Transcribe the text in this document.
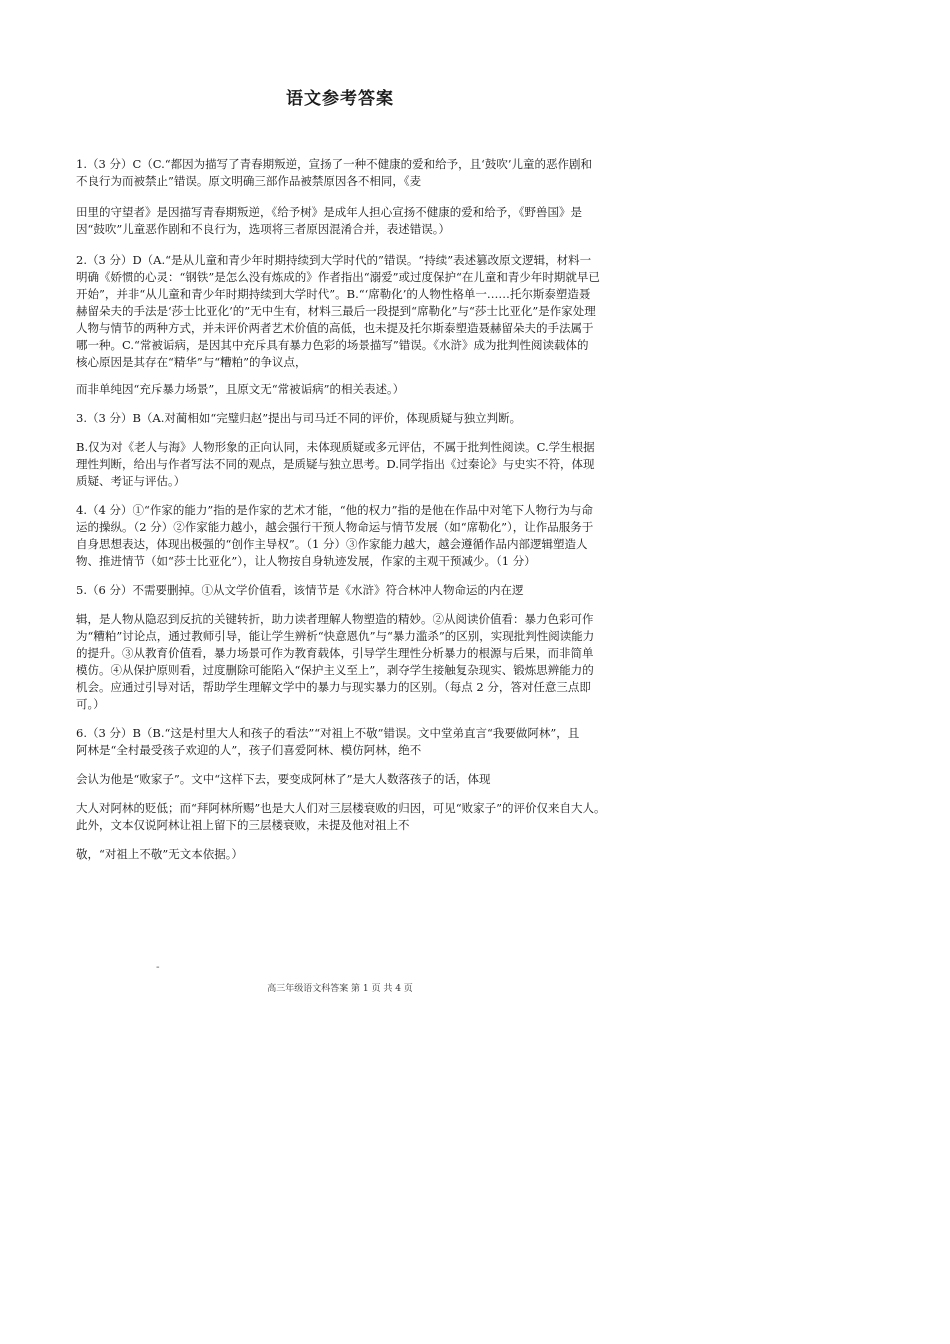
语文参考答案

1.（3 分）C（C.“都因为描写了青春期叛逆，宣扬了一种不健康的爱和给予，且‘鼓吹’儿童的恶作剧和不良行为而被禁止”错误。原文明确三部作品被禁原因各不相同，《麦

田里的守望者》是因描写青春期叛逆，《给予树》是成年人担心宣扬不健康的爱和给予，《野兽国》是因“鼓吹”儿童恶作剧和不良行为，选项将三者原因混淆合并，表述错误。）

2.（3 分）D（A.“是从儿童和青少年时期持续到大学时代的”错误。“持续”表述篡改原文逻辑，材料一明确《娇惯的心灵：“钢铁”是怎么没有炼成的》作者指出“溺爱”或过度保护“在儿童和青少年时期就早已开始”，并非“从儿童和青少年时期持续到大学时代”。B.“‘席勒化’的人物性格单一……托尔斯泰塑造聂赫留朵夫的手法是‘莎士比亚化’的”无中生有，材料三最后一段提到“席勒化”与“莎士比亚化”是作家处理人物与情节的两种方式，并未评价两者艺术价值的高低，也未提及托尔斯泰塑造聂赫留朵夫的手法属于哪一种。C.“常被诟病，是因其中充斥具有暴力色彩的场景描写”错误。《水浒》成为批判性阅读载体的核心原因是其存在“精华”与“糟粕”的争议点，

而非单纯因“充斥暴力场景”，且原文无“常被诟病”的相关表述。）

3.（3 分）B（A.对蔺相如“完璧归赵”提出与司马迁不同的评价，体现质疑与独立判断。

B.仅为对《老人与海》人物形象的正向认同，未体现质疑或多元评估，不属于批判性阅读。C.学生根据理性判断，给出与作者写法不同的观点，是质疑与独立思考。D.同学指出《过秦论》与史实不符，体现质疑、考证与评估。）

4.（4 分）①“作家的能力”指的是作家的艺术才能，“他的权力”指的是他在作品中对笔下人物行为与命运的操纵。（2 分）②作家能力越小，越会强行干预人物命运与情节发展（如“席勒化”），让作品服务于自身思想表达，体现出极强的“创作主导权”。（1 分）③作家能力越大，越会遵循作品内部逻辑塑造人物、推进情节（如“莎士比亚化”），让人物按自身轨迹发展，作家的主观干预减少。（1 分）

5.（6 分）不需要删掉。①从文学价值看，该情节是《水浒》符合林冲人物命运的内在逻

辑，是人物从隐忍到反抗的关键转折，助力读者理解人物塑造的精妙。②从阅读价值看：暴力色彩可作为“糟粕”讨论点，通过教师引导，能让学生辨析“快意恩仇”与“暴力滥杀”的区别，实现批判性阅读能力的提升。③从教育价值看，暴力场景可作为教育载体，引导学生理性分析暴力的根源与后果，而非简单模仿。④从保护原则看，过度删除可能陷入“保护主义至上”，剥夺学生接触复杂现实、锻炼思辨能力的机会。应通过引导对话，帮助学生理解文学中的暴力与现实暴力的区别。（每点 2 分，答对任意三点即可。）

6.（3 分）B（B.“这是村里大人和孩子的看法”“对祖上不敬”错误。文中堂弟直言“我要做阿林”，且阿林是“全村最受孩子欢迎的人”，孩子们喜爱阿林、模仿阿林，绝不

会认为他是“败家子”。文中“这样下去，要变成阿林了”是大人数落孩子的话，体现

大人对阿林的贬低；而“拜阿林所赐”也是大人们对三层楼衰败的归因，可见“败家子”的评价仅来自大人。此外，文本仅说阿林让祖上留下的三层楼衰败，未提及他对祖上不

敬，“对祖上不敬”无文本依据。）

-
高三年级语文科答案 第 1 页 共 4 页
